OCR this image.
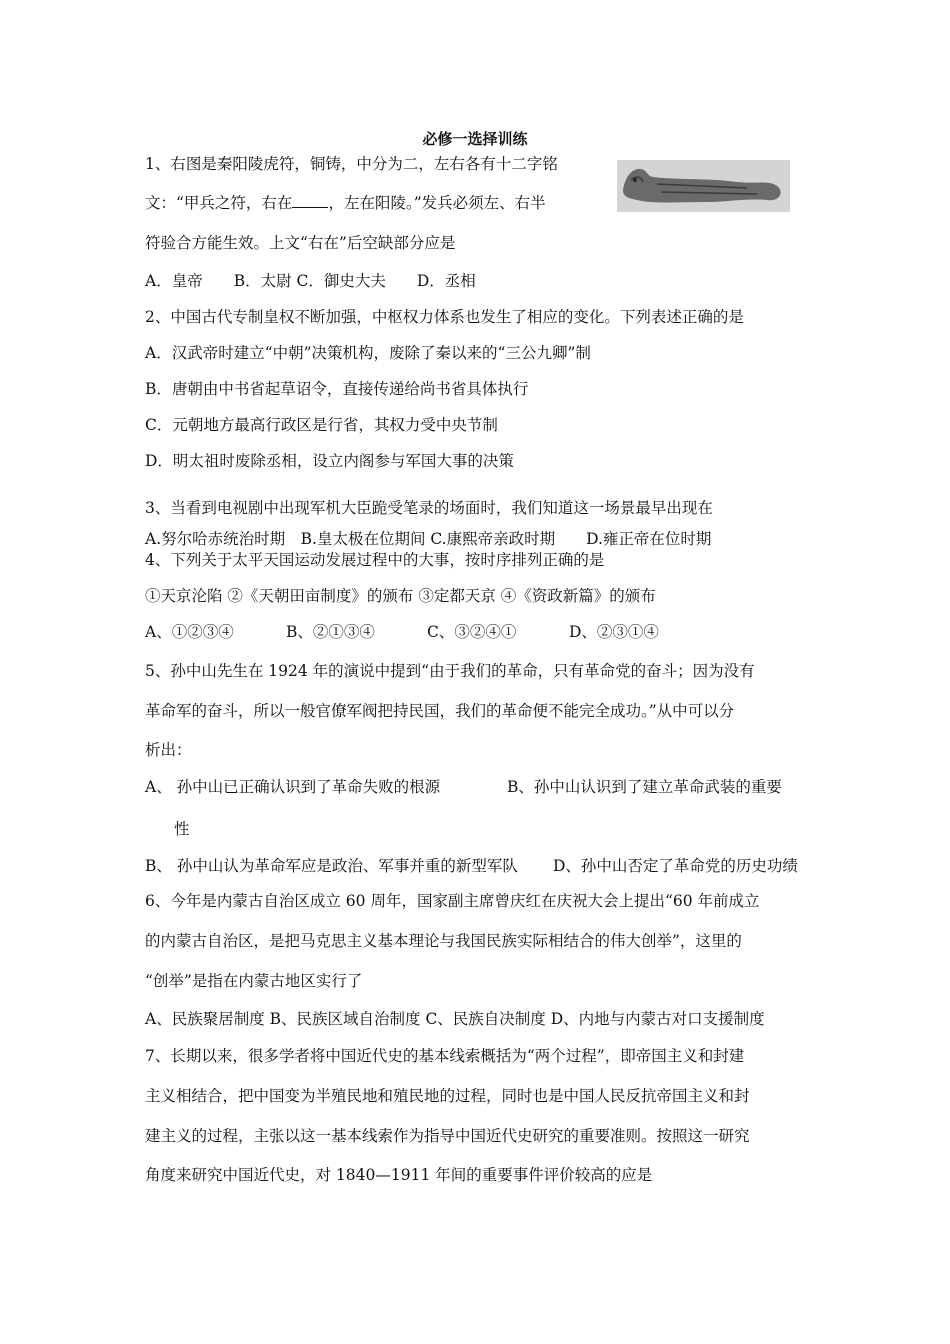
必修一选择训练
1、右图是秦阳陵虎符，铜铸，中分为二，左右各有十二字铭
文：“甲兵之符，右在 ，左在阳陵。”发兵必须左、右半
符验合方能生效。上文“右在”后空缺部分应是
A．皇帝　　B．太尉 C．御史大夫　　D．丞相
2、中国古代专制皇权不断加强，中枢权力体系也发生了相应的变化。下列表述正确的是
A．汉武帝时建立“中朝”决策机构，废除了秦以来的“三公九卿”制
B．唐朝由中书省起草诏令，直接传递给尚书省具体执行
C．元朝地方最高行政区是行省，其权力受中央节制
D．明太祖时废除丞相，设立内阁参与军国大事的决策
3、当看到电视剧中出现军机大臣跪受笔录的场面时，我们知道这一场景最早出现在
A.努尔哈赤统治时期　B.皇太极在位期间 C.康熙帝亲政时期　　D.雍正帝在位时期
4、下列关于太平天国运动发展过程中的大事，按时序排列正确的是
①天京沦陷 ②《天朝田亩制度》的颁布 ③定都天京 ④《资政新篇》的颁布
A、①②③④	B、②①③④	C、③②④①	D、②③①④
5、孙中山先生在 1924 年的演说中提到“由于我们的革命，只有革命党的奋斗；因为没有
革命军的奋斗，所以一般官僚军阀把持民国，我们的革命便不能完全成功。”从中可以分
析出：
A、 孙中山已正确认识到了革命失败的根源	B、孙中山认识到了建立革命武装的重要
性
B、 孙中山认为革命军应是政治、军事并重的新型军队 D、孙中山否定了革命党的历史功绩
6、今年是内蒙古自治区成立 60 周年，国家副主席曾庆红在庆祝大会上提出“60 年前成立
的内蒙古自治区，是把马克思主义基本理论与我国民族实际相结合的伟大创举”，这里的
“创举”是指在内蒙古地区实行了
A、民族聚居制度 B、民族区域自治制度 C、民族自决制度 D、内地与内蒙古对口支援制度
7、长期以来，很多学者将中国近代史的基本线索概括为“两个过程”，即帝国主义和封建
主义相结合，把中国变为半殖民地和殖民地的过程，同时也是中国人民反抗帝国主义和封
建主义的过程，主张以这一基本线索作为指导中国近代史研究的重要准则。按照这一研究
角度来研究中国近代史，对 1840—1911 年间的重要事件评价较高的应是
